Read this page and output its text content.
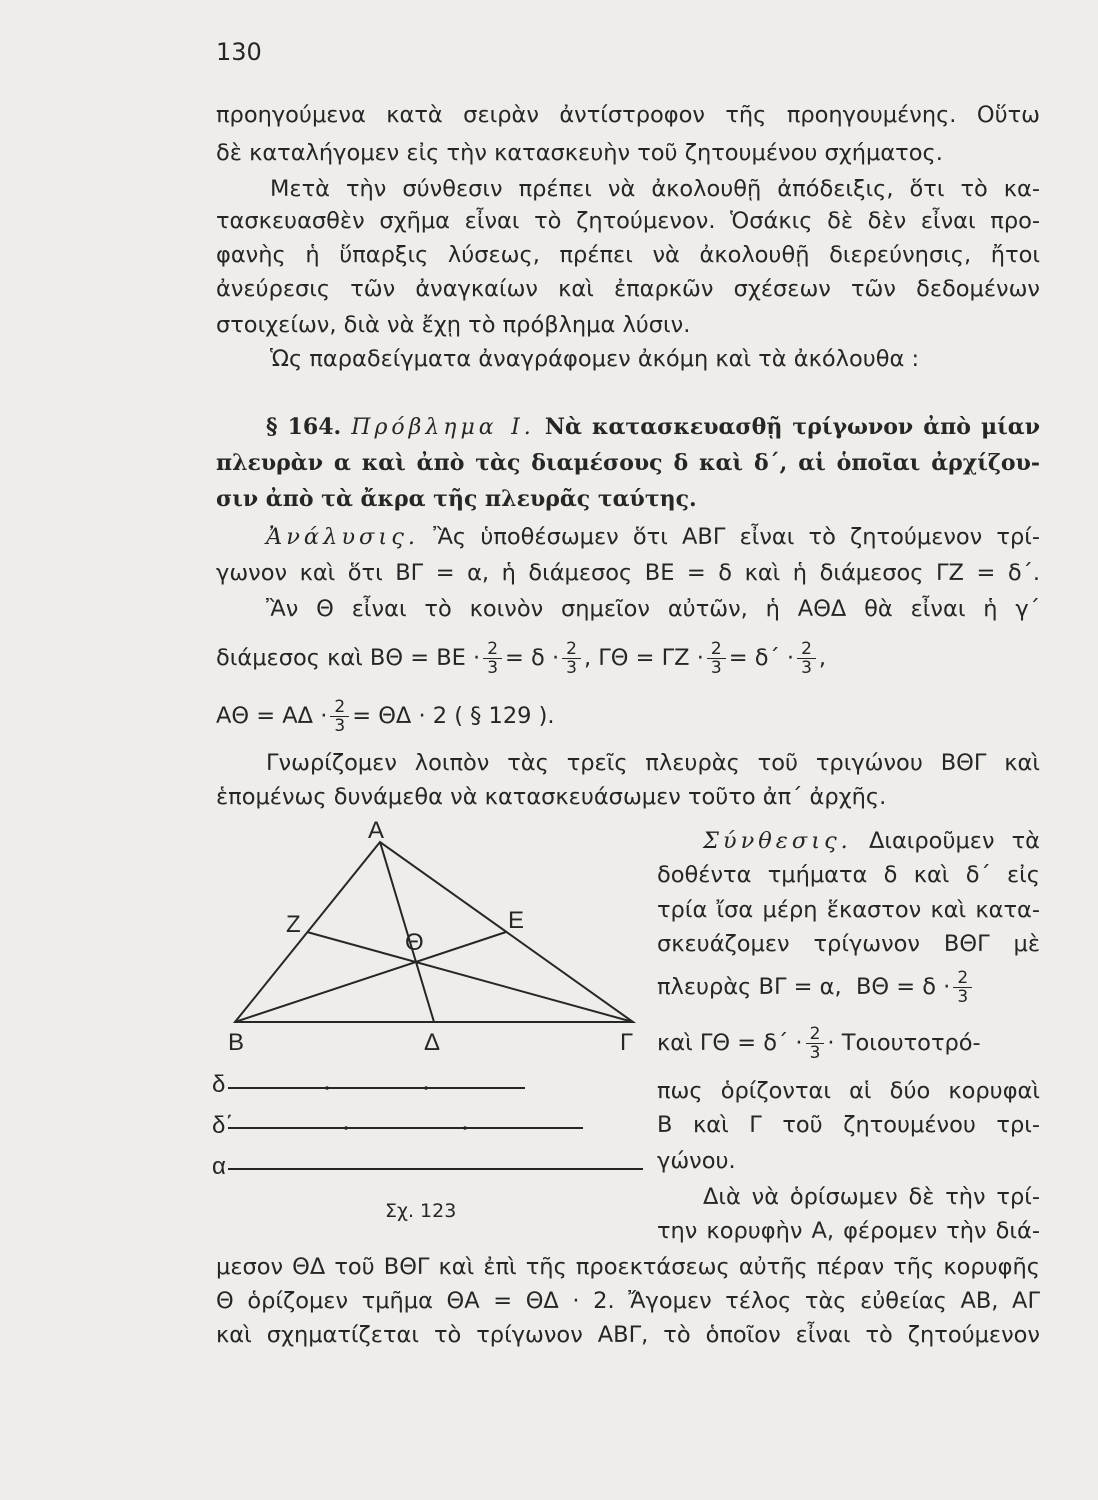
130
προηγούμενα κατὰ σειρὰν ἀντίστροφον τῆς προηγουμένης. Οὕτω
δὲ καταλήγομεν εἰς τὴν κατασκευὴν τοῦ ζητουμένου σχήματος.
Μετὰ τὴν σύνθεσιν πρέπει νὰ ἀκολουθῇ ἀπόδειξις, ὅτι τὸ κα-
τασκευασθὲν σχῆμα εἶναι τὸ ζητούμενον. Ὁσάκις δὲ δὲν εἶναι προ-
φανὴς ἡ ὕπαρξις λύσεως, πρέπει νὰ ἀκολουθῇ διερεύνησις, ἤτοι
ἀνεύρεσις τῶν ἀναγκαίων καὶ ἐπαρκῶν σχέσεων τῶν δεδομένων
στοιχείων, διὰ νὰ ἔχῃ τὸ πρόβλημα λύσιν.
Ὡς παραδείγματα ἀναγράφομεν ἀκόμη καὶ τὰ ἀκόλουθα :
§ 164. Πρόβλημα I. Νὰ κατασκευασθῇ τρίγωνον ἀπὸ μίαν
πλευρὰν α καὶ ἀπὸ τὰς διαμέσους δ καὶ δ΄, αἱ ὁποῖαι ἀρχίζου-
σιν ἀπὸ τὰ ἄκρα τῆς πλευρᾶς ταύτης.
Ἀνάλυσις. Ἂς ὑποθέσωμεν ὅτι ΑΒΓ εἶναι τὸ ζητούμενον τρί-
γωνον καὶ ὅτι ΒΓ = α, ἡ διάμεσος ΒΕ = δ καὶ ἡ διάμεσος ΓΖ = δ΄.
Ἂν Θ εἶναι τὸ κοινὸν σημεῖον αὐτῶν, ἡ ΑΘΔ θὰ εἶναι ἡ γ΄
διάμεσος καὶ $B\Theta = BE \cdot \frac{2}{3} = \delta \cdot \frac{2}{3}$ , $\Gamma\Theta = \Gamma Z \cdot \frac{2}{3} = \delta΄ \cdot \frac{2}{3}$ ,
$A\Theta = A\Delta \cdot \frac{2}{3} = \Theta\Delta \cdot 2$ ( § 129 ).
Γνωρίζομεν λοιπὸν τὰς τρεῖς πλευρὰς τοῦ τριγώνου ΒΘΓ καὶ
ἑπομένως δυνάμεθα νὰ κατασκευάσωμεν τοῦτο ἀπ΄ ἀρχῆς.
Α
Β	Γ
Δ
Ε
Ζ
Θ
δ
δ΄
α
Σχ. 123
Σύνθεσις. Διαιροῦμεν τὰ
δοθέντα τμήματα δ καὶ δ΄ εἰς
τρία ἴσα μέρη ἕκαστον καὶ κατα-
σκευάζομεν τρίγωνον ΒΘΓ μὲ
πλευρὰς ΒΓ = α, $B\Theta = \delta \cdot \frac{2}{3}$
καὶ $\Gamma\Theta = \delta΄ \cdot \frac{2}{3} \cdot To\iota o\upsilon\tau o\tau\rho ό-$
πως ὁρίζονται αἱ δύο κορυφαὶ
Β καὶ Γ τοῦ ζητουμένου τρι-
γώνου.
Διὰ νὰ ὁρίσωμεν δὲ τὴν τρί-
την κορυφὴν Α, φέρομεν τὴν διά-
μεσον ΘΔ τοῦ ΒΘΓ καὶ ἐπὶ τῆς προεκτάσεως αὐτῆς πέραν τῆς κορυφῆς
Θ ὁρίζομεν τμῆμα ΘΑ = ΘΔ · 2. Ἄγομεν τέλος τὰς εὐθείας ΑΒ, ΑΓ
καὶ σχηματίζεται τὸ τρίγωνον ΑΒΓ, τὸ ὁποῖον εἶναι τὸ ζητούμενον
